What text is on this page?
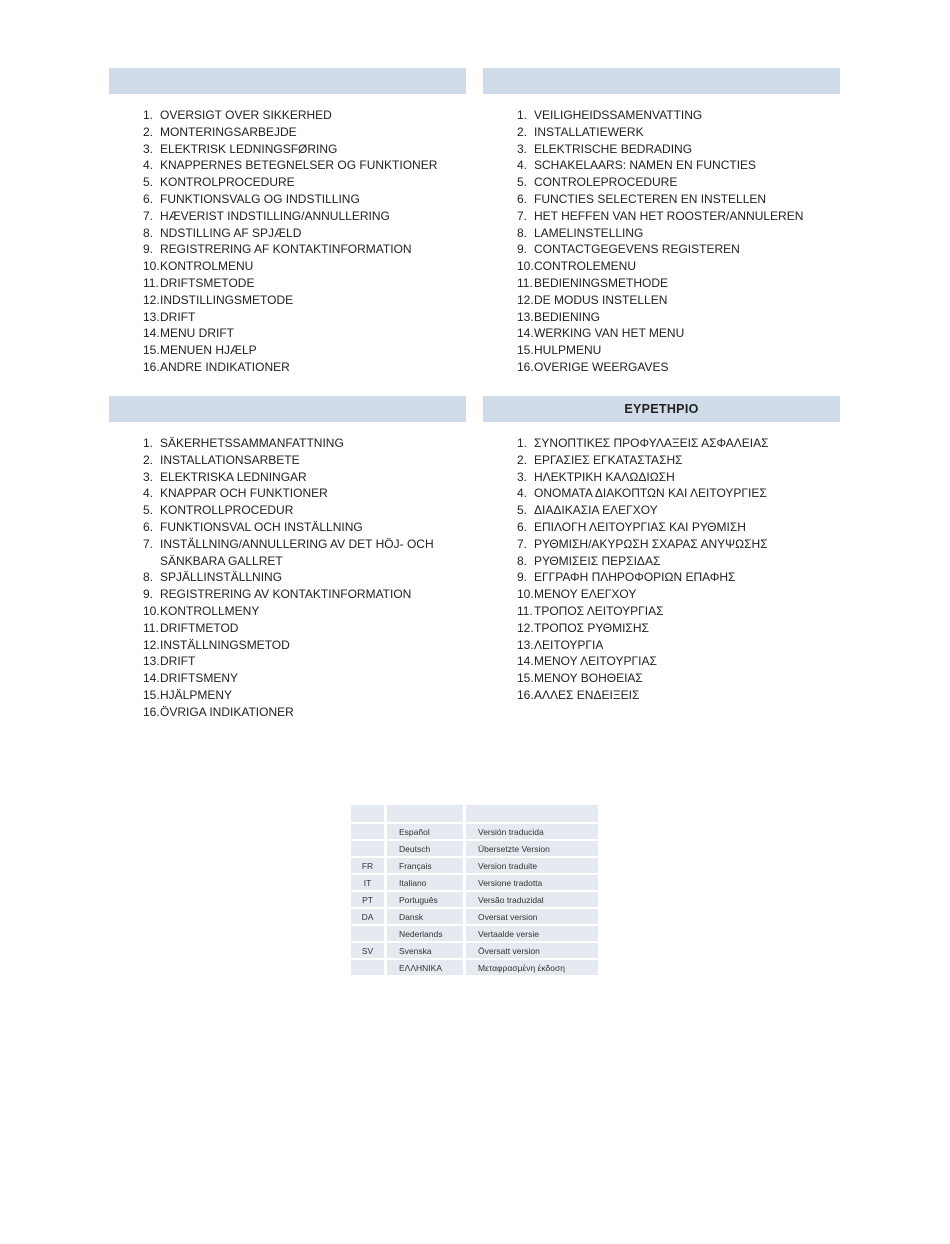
1. OVERSIGT OVER SIKKERHED
2. MONTERINGSARBEJDE
3. ELEKTRISK LEDNINGSFØRING
4. KNAPPERNES BETEGNELSER OG FUNKTIONER
5. KONTROLPROCEDURE
6. FUNKTIONSVALG OG INDSTILLING
7. HÆVERIST INDSTILLING/ANNULLERING
8. NDSTILLING AF SPJÆLD
9. REGISTRERING AF KONTAKTINFORMATION
10. KONTROLMENU
11. DRIFTSMETODE
12. INDSTILLINGSMETODE
13. DRIFT
14. MENU DRIFT
15. MENUEN HJÆLP
16. ANDRE INDIKATIONER
1. VEILIGHEIDSSAMENVATTING
2. INSTALLATIEWERK
3. ELEKTRISCHE BEDRADING
4. SCHAKELAARS: NAMEN EN FUNCTIES
5. CONTROLEPROCEDURE
6. FUNCTIES SELECTEREN EN INSTELLEN
7. HET HEFFEN VAN HET ROOSTER/ANNULEREN
8. LAMELINSTELLING
9. CONTACTGEGEVENS REGISTEREN
10. CONTROLEMENU
11. BEDIENINGSMETHODE
12. DE MODUS INSTELLEN
13. BEDIENING
14. WERKING VAN HET MENU
15. HULPMENU
16. OVERIGE WEERGAVES
1. SÄKERHETSSAMMANFATTNING
2. INSTALLATIONSARBETE
3. ELEKTRISKA LEDNINGAR
4. KNAPPAR OCH FUNKTIONER
5. KONTROLLPROCEDUR
6. FUNKTIONSVAL OCH INSTÄLLNING
7. INSTÄLLNING/ANNULLERING AV DET HÖJ- OCH SÄNKBARA GALLRET
8. SPJÄLLINSTÄLLNING
9. REGISTRERING AV KONTAKTINFORMATION
10. KONTROLLMENY
11. DRIFTMETOD
12. INSTÄLLNINGSMETOD
13. DRIFT
14. DRIFTSMENY
15. HJÄLPMENY
16. ÖVRIGA INDIKATIONER
ΕΥΡΕΤΗΡΙΟ
1. ΣΥΝΟΠΤΙΚΕΣ ΠΡΟΦΥΛΑΞΕΙΣ ΑΣΦΑΛΕΙΑΣ
2. ΕΡΓΑΣΙΕΣ ΕΓΚΑΤΑΣΤΑΣΗΣ
3. ΗΛΕΚΤΡΙΚΗ ΚΑΛΩΔΙΩΣΗ
4. ΟΝΟΜΑΤΑ ΔΙΑΚΟΠΤΩΝ ΚΑΙ ΛΕΙΤΟΥΡΓΙΕΣ
5. ΔΙΑΔΙΚΑΣΙΑ ΕΛΕΓΧΟΥ
6. ΕΠΙΛΟΓΗ ΛΕΙΤΟΥΡΓΙΑΣ ΚΑΙ ΡΥΘΜΙΣΗ
7. ΡΥΘΜΙΣΗ/ΑΚΥΡΩΣΗ ΣΧΑΡΑΣ ΑΝΥΨΩΣΗΣ
8. ΡΥΘΜΙΣΕΙΣ ΠΕΡΣΙΔΑΣ
9. ΕΓΓΡΑΦΗ ΠΛΗΡΟΦΟΡΙΩΝ ΕΠΑΦΗΣ
10. ΜΕΝΟΥ ΕΛΕΓΧΟΥ
11. ΤΡΟΠΟΣ ΛΕΙΤΟΥΡΓΙΑΣ
12. ΤΡΟΠΟΣ ΡΥΘΜΙΣΗΣ
13. ΛΕΙΤΟΥΡΓΙΑ
14. ΜΕΝΟΥ ΛΕΙΤΟΥΡΓΙΑΣ
15. ΜΕΝΟΥ ΒΟΗΘΕΙΑΣ
16. ΑΛΛΕΣ ΕΝΔΕΙΞΕΙΣ

	Español	Versión traducida
	Deutsch	Übersetzte Version
FR	Français	Version traduite
IT	Italiano	Versione tradotta
PT	Português	Versão traduzidal
DA	Dansk	Oversat version
	Nederlands	Vertaalde versie
SV	Svenska	Översatt version
	ΕΛΛΗΝΙΚΑ	Μεταφρασμένη έκδοση
